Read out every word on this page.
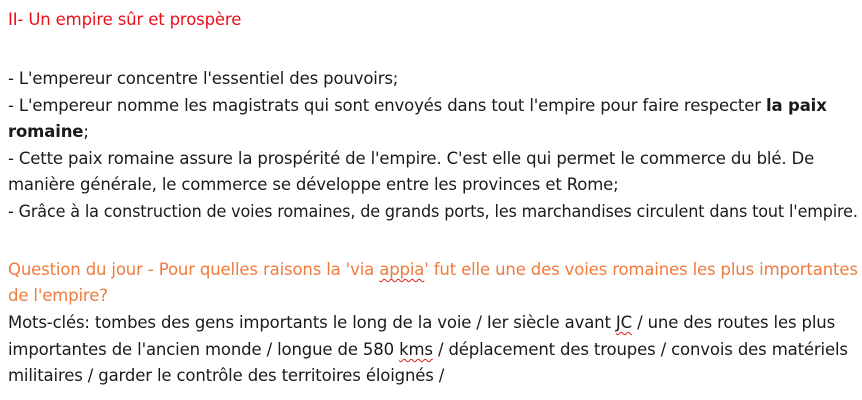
II- Un empire sûr et prospère
- L'empereur concentre l'essentiel des pouvoirs;
- L'empereur nomme les magistrats qui sont envoyés dans tout l'empire pour faire respecter la paix
romaine;
- Cette paix romaine assure la prospérité de l'empire. C'est elle qui permet le commerce du blé. De
manière générale, le commerce se développe entre les provinces et Rome;
- Grâce à la construction de voies romaines, de grands ports, les marchandises circulent dans tout l'empire.
Question du jour - Pour quelles raisons la 'via appia' fut elle une des voies romaines les plus importantes
de l'empire?
Mots-clés: tombes des gens importants le long de la voie / Ier siècle avant JC / une des routes les plus
importantes de l'ancien monde / longue de 580 kms / déplacement des troupes / convois des matériels
militaires / garder le contrôle des territoires éloignés /
